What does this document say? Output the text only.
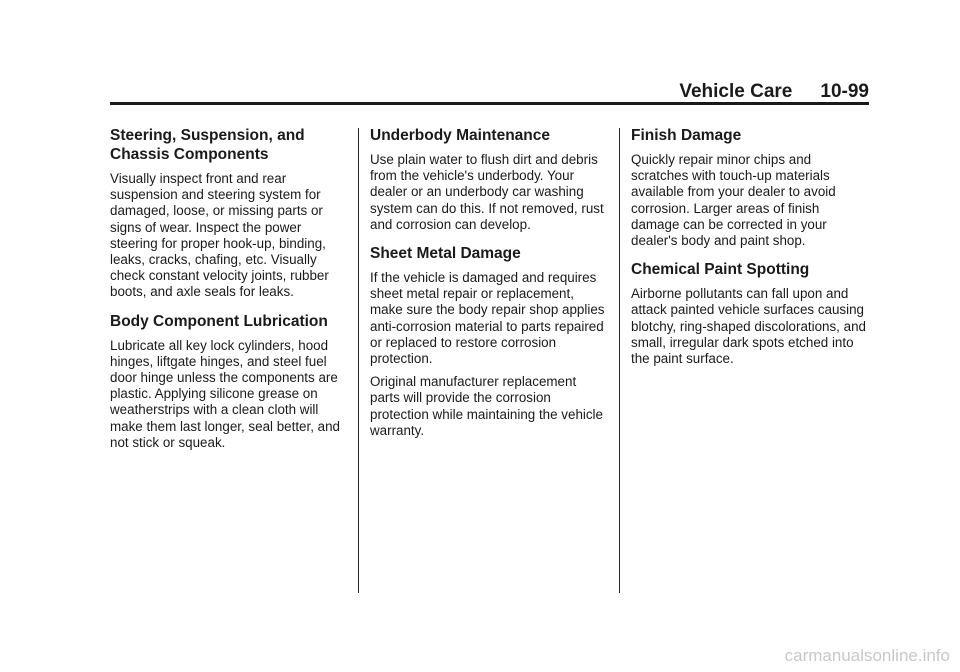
Vehicle Care 10-99
Steering, Suspension, and Chassis Components

Visually inspect front and rear suspension and steering system for damaged, loose, or missing parts or signs of wear. Inspect the power steering for proper hook-up, binding, leaks, cracks, chafing, etc. Visually check constant velocity joints, rubber boots, and axle seals for leaks.

Body Component Lubrication

Lubricate all key lock cylinders, hood hinges, liftgate hinges, and steel fuel door hinge unless the components are plastic. Applying silicone grease on weatherstrips with a clean cloth will make them last longer, seal better, and not stick or squeak.

Underbody Maintenance

Use plain water to flush dirt and debris from the vehicle's underbody. Your dealer or an underbody car washing system can do this. If not removed, rust and corrosion can develop.

Sheet Metal Damage

If the vehicle is damaged and requires sheet metal repair or replacement, make sure the body repair shop applies anti-corrosion material to parts repaired or replaced to restore corrosion protection.

Original manufacturer replacement parts will provide the corrosion protection while maintaining the vehicle warranty.

Finish Damage

Quickly repair minor chips and scratches with touch-up materials available from your dealer to avoid corrosion. Larger areas of finish damage can be corrected in your dealer's body and paint shop.

Chemical Paint Spotting

Airborne pollutants can fall upon and attack painted vehicle surfaces causing blotchy, ring-shaped discolorations, and small, irregular dark spots etched into the paint surface.

carmanualsonline.info
